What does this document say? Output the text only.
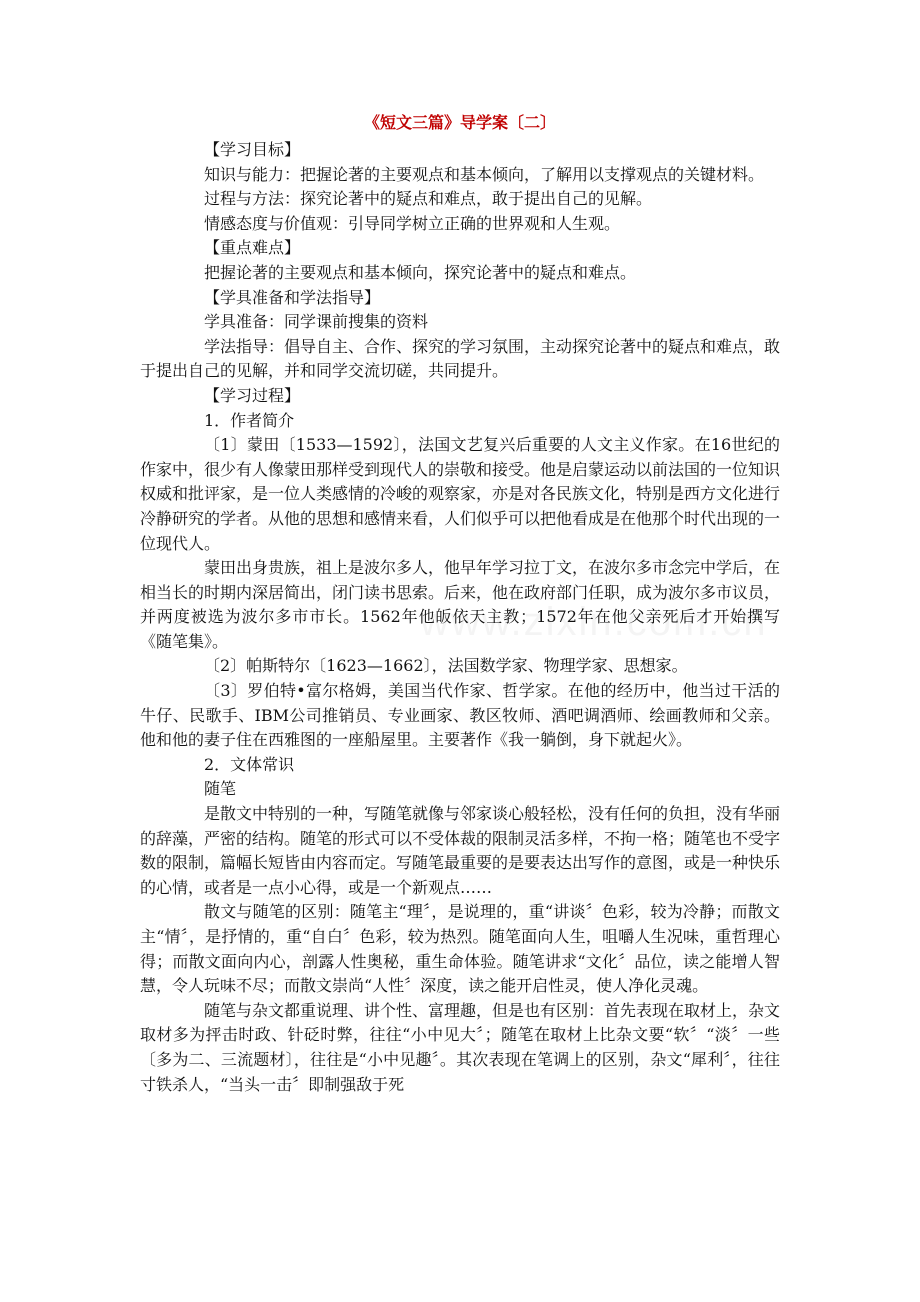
《短文三篇》导学案〔二〕
【学习目标】

知识与能力：把握论著的主要观点和基本倾向，了解用以支撑观点的关键材料。

过程与方法：探究论著中的疑点和难点，敢于提出自己的见解。

情感态度与价值观：引导同学树立正确的世界观和人生观。

【重点难点】

把握论著的主要观点和基本倾向，探究论著中的疑点和难点。

【学具准备和学法指导】

学具准备：同学课前搜集的资料

学法指导：倡导自主、合作、探究的学习氛围，主动探究论著中的疑点和难点，敢于提出自己的见解，并和同学交流切磋，共同提升。

【学习过程】

1．作者简介

〔1〕蒙田〔1533—1592〕，法国文艺复兴后重要的人文主义作家。在16世纪的作家中，很少有人像蒙田那样受到现代人的崇敬和接受。他是启蒙运动以前法国的一位知识权威和批评家，是一位人类感情的冷峻的观察家，亦是对各民族文化，特别是西方文化进行冷静研究的学者。从他的思想和感情来看，人们似乎可以把他看成是在他那个时代出现的一位现代人。

蒙田出身贵族，祖上是波尔多人，他早年学习拉丁文，在波尔多市念完中学后，在相当长的时期内深居简出，闭门读书思索。后来，他在政府部门任职，成为波尔多市议员，并两度被选为波尔多市市长。1562年他皈依天主教；1572年在他父亲死后才开始撰写《随笔集》。

〔2〕帕斯特尔〔1623—1662〕，法国数学家、物理学家、思想家。

〔3〕罗伯特•富尔格姆，美国当代作家、哲学家。在他的经历中，他当过干活的牛仔、民歌手、IBM公司推销员、专业画家、教区牧师、酒吧调酒师、绘画教师和父亲。他和他的妻子住在西雅图的一座船屋里。主要著作《我一躺倒，身下就起火》。

2．文体常识

随笔

是散文中特别的一种，写随笔就像与邻家谈心般轻松，没有任何的负担，没有华丽的辞藻，严密的结构。随笔的形式可以不受体裁的限制灵活多样，不拘一格；随笔也不受字数的限制，篇幅长短皆由内容而定。写随笔最重要的是要表达出写作的意图，或是一种快乐的心情，或者是一点小心得，或是一个新观点……

散文与随笔的区别：随笔主“理〞，是说理的，重“讲谈〞色彩，较为冷静；而散文主“情〞，是抒情的，重“自白〞色彩，较为热烈。随笔面向人生，咀嚼人生况味，重哲理心得；而散文面向内心，剖露人性奥秘，重生命体验。随笔讲求“文化〞品位，读之能增人智慧，令人玩味不尽；而散文崇尚“人性〞深度，读之能开启性灵，使人净化灵魂。

随笔与杂文都重说理、讲个性、富理趣，但是也有区别：首先表现在取材上，杂文取材多为抨击时政、针砭时弊，往往“小中见大〞；随笔在取材上比杂文要“软〞“淡〞一些〔多为二、三流题材〕，往往是“小中见趣〞。其次表现在笔调上的区别，杂文“犀利〞，往往寸铁杀人，“当头一击〞即制强敌于死
